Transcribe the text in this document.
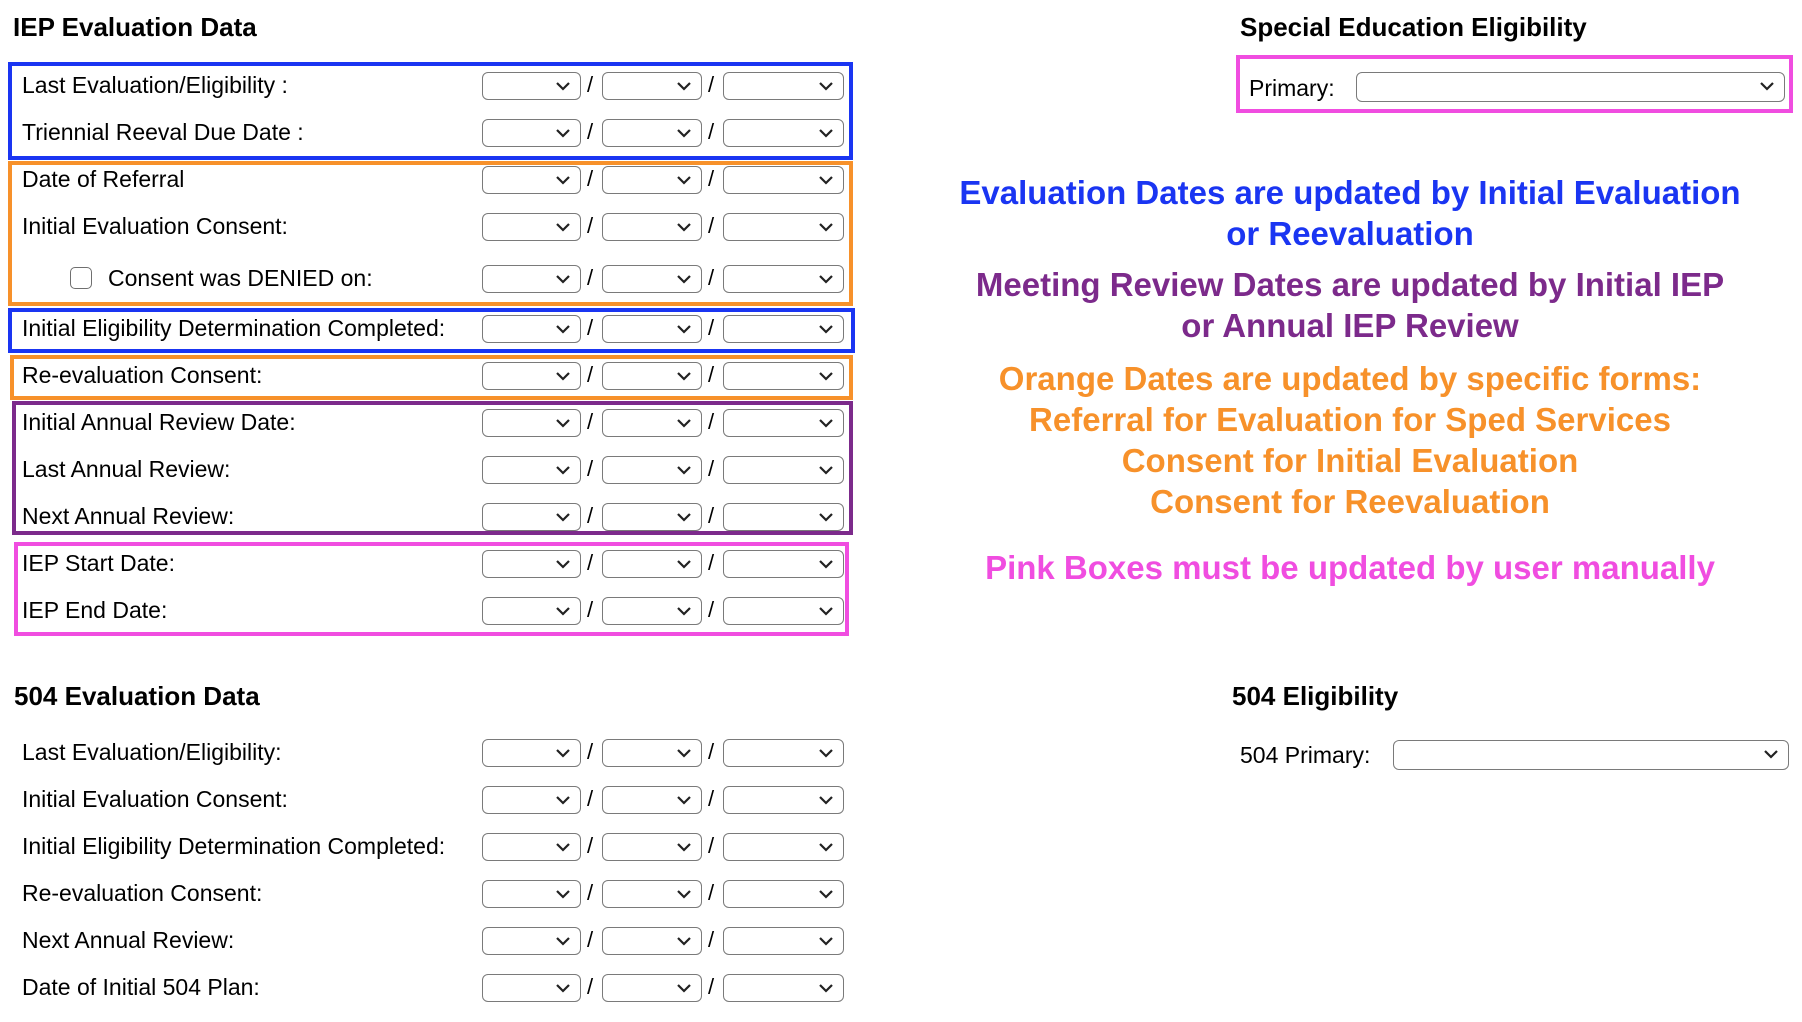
IEP Evaluation Data
Last Evaluation/Eligibility :	/	/
Triennial Reeval Due Date :	/	/
Date of Referral	/	/
Initial Evaluation Consent:	/	/
Consent was DENIED on:	/	/
Initial Eligibility Determination Completed:	/	/
Re-evaluation Consent:	/	/
Initial Annual Review Date:	/	/
Last Annual Review:	/	/
Next Annual Review:	/	/
IEP Start Date:	/	/
IEP End Date:	/	/
Special Education Eligibility
Primary:
Evaluation Dates are updated by Initial Evaluation
or Reevaluation
Meeting Review Dates are updated by Initial IEP
or Annual IEP Review
Orange Dates are updated by specific forms:
Referral for Evaluation for Sped Services
Consent for Initial Evaluation
Consent for Reevaluation
Pink Boxes must be updated by user manually
504 Evaluation Data
Last Evaluation/Eligibility:	/	/
Initial Evaluation Consent:	/	/
Initial Eligibility Determination Completed:	/	/
Re-evaluation Consent:	/	/
Next Annual Review:	/	/
Date of Initial 504 Plan:	/	/
504 Eligibility
504 Primary:
